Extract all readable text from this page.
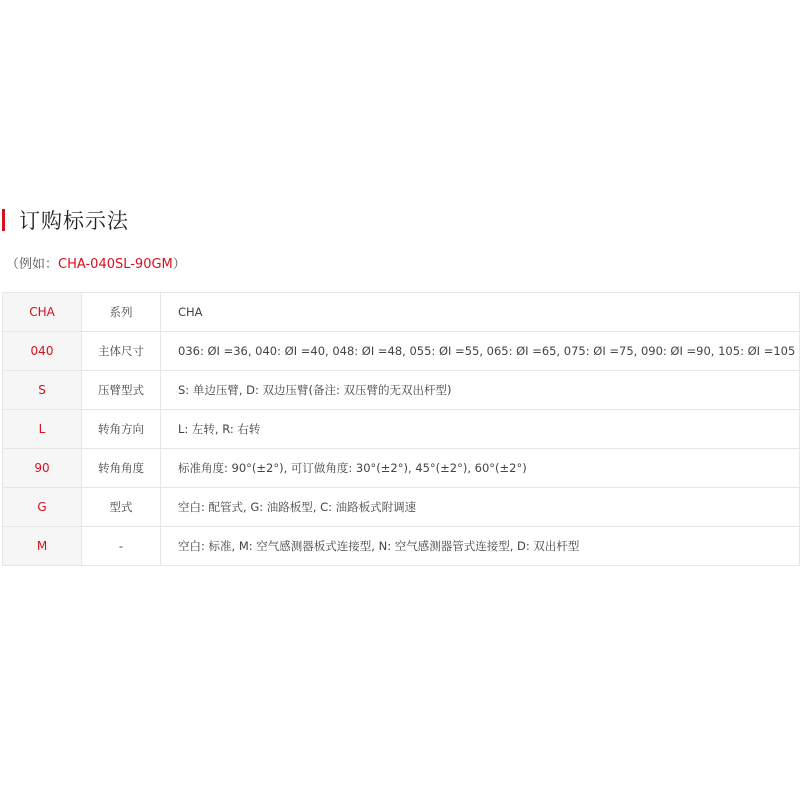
订购标示法
（例如：CHA-040SL-90GM）
CHA	系列	CHA
040	主体尺寸	036: ØI =36, 040: ØI =40, 048: ØI =48, 055: ØI =55, 065: ØI =65, 075: ØI =75, 090: ØI =90, 105: ØI =105
S	压臂型式	S: 单边压臂, D: 双边压臂(备注: 双压臂的无双出杆型)
L	转角方向	L: 左转, R: 右转
90	转角角度	标准角度: 90°(±2°), 可订做角度: 30°(±2°), 45°(±2°), 60°(±2°)
G	型式	空白: 配管式, G: 油路板型, C: 油路板式附调速
M	-	空白: 标准, M: 空气感测器板式连接型, N: 空气感测器管式连接型, D: 双出杆型
